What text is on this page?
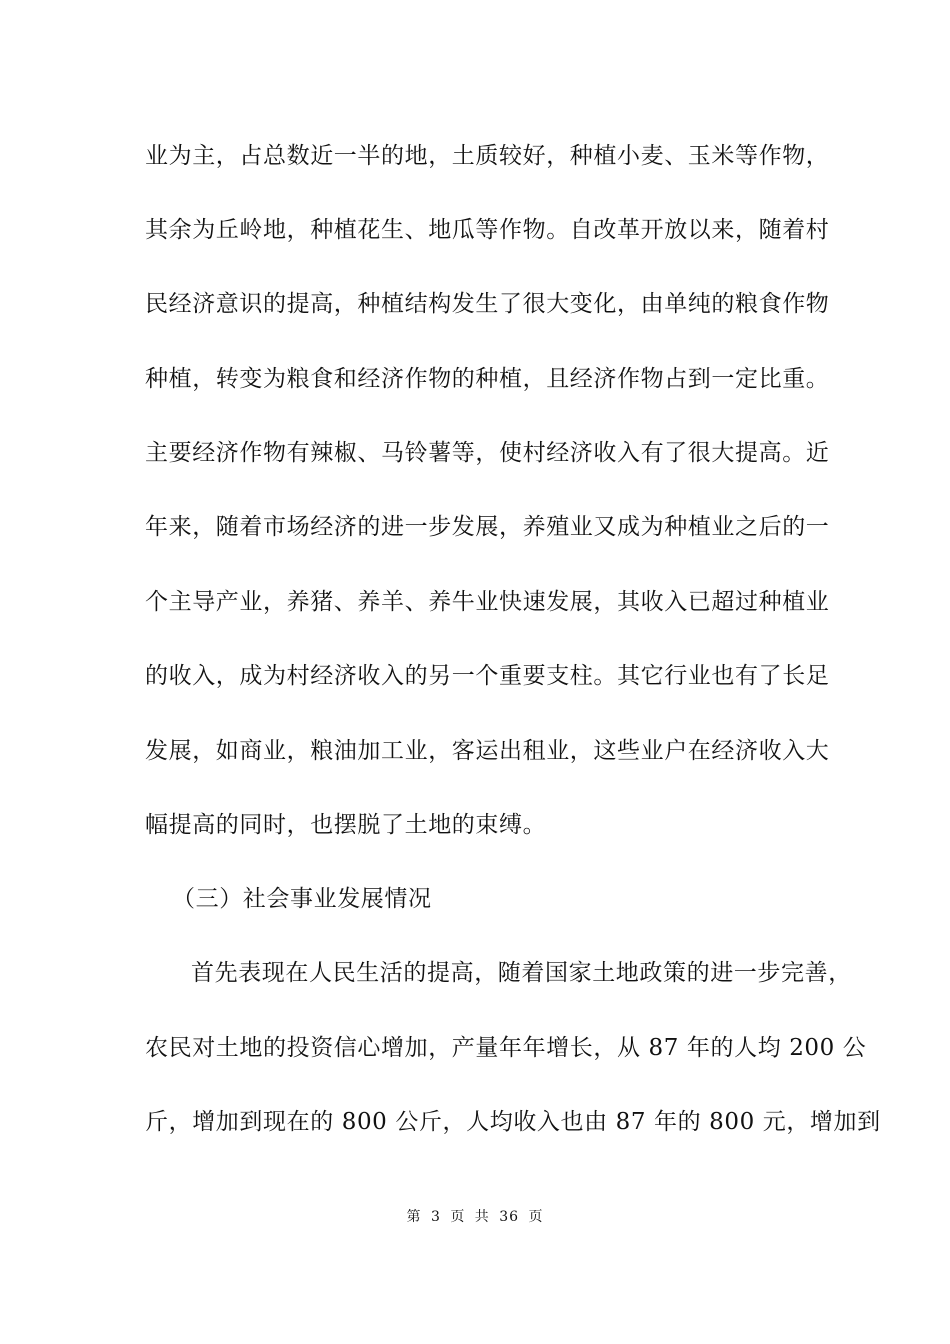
业为主，占总数近一半的地，土质较好，种植小麦、玉米等作物，
其余为丘岭地，种植花生、地瓜等作物。自改革开放以来，随着村
民经济意识的提高，种植结构发生了很大变化，由单纯的粮食作物
种植，转变为粮食和经济作物的种植，且经济作物占到一定比重。
主要经济作物有辣椒、马铃薯等，使村经济收入有了很大提高。近
年来，随着市场经济的进一步发展，养殖业又成为种植业之后的一
个主导产业，养猪、养羊、养牛业快速发展，其收入已超过种植业
的收入，成为村经济收入的另一个重要支柱。其它行业也有了长足
发展，如商业，粮油加工业，客运出租业，这些业户在经济收入大
幅提高的同时，也摆脱了土地的束缚。
（三）社会事业发展情况
首先表现在人民生活的提高，随着国家土地政策的进一步完善，
农民对土地的投资信心增加，产量年年增长，从 87 年的人均 200 公
斤，增加到现在的 800 公斤，人均收入也由 87 年的 800 元，增加到
第 3 页 共 36 页
